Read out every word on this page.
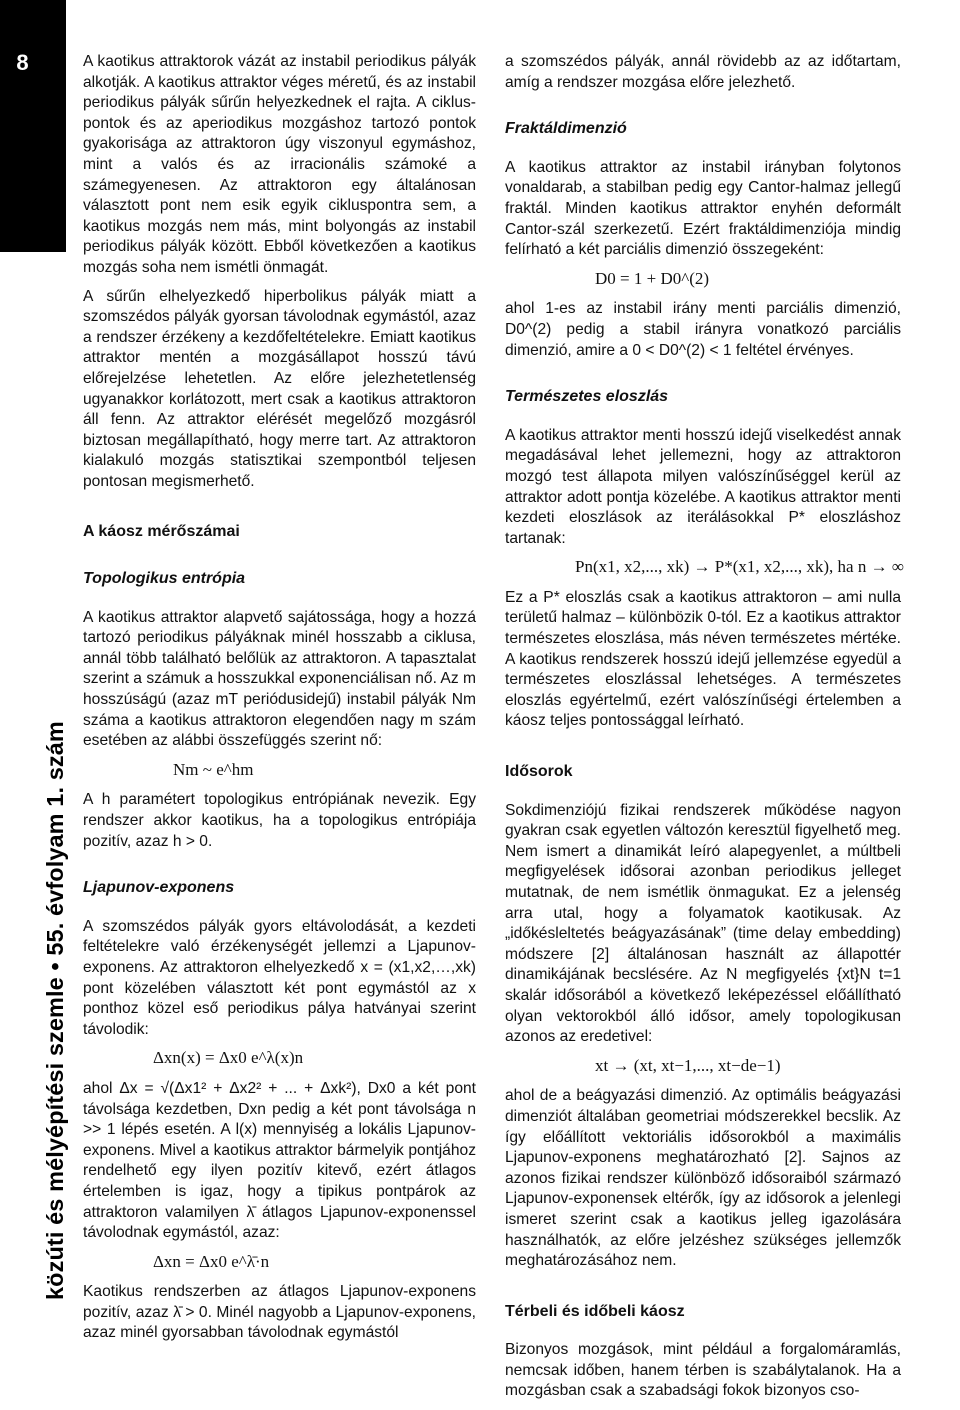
8
közúti és mélyépítési szemle • 55. évfolyam 1. szám

A kaotikus attraktorok vázát az instabil periodikus pályák alkotják. A kaotikus attraktor véges méretű, és az instabil periodikus pályák sűrűn helyezkednek el rajta. A cikluspontok és az aperiodikus mozgáshoz tartozó pontok gyakorisága az attraktoron úgy viszonyul egymáshoz, mint a valós és az irracionális számoké a számegyenesen. Az attraktoron egy általánosan választott pont nem esik egyik cikluspontra sem, a kaotikus mozgás nem más, mint bolyongás az instabil periodikus pályák között. Ebből következően a kaotikus mozgás soha nem ismétli önmagát.

A sűrűn elhelyezkedő hiperbolikus pályák miatt a szomszédos pályák gyorsan távolodnak egymástól, azaz a rendszer érzékeny a kezdőfeltételekre. Emiatt kaotikus attraktor mentén a mozgásállapot hosszú távú előrejelzése lehetetlen. Az előre jelezhetetlenség ugyanakkor korlátozott, mert csak a kaotikus attraktoron áll fenn. Az attraktor elérését megelőző mozgásról biztosan megállapítható, hogy merre tart. Az attraktoron kialakuló mozgás statisztikai szempontból teljesen pontosan megismerhető.

A káosz mérőszámai
Topologikus entrópia

A kaotikus attraktor alapvető sajátossága, hogy a hozzá tartozó periodikus pályáknak minél hosszabb a ciklusa, annál több található belőlük az attraktoron. A tapasztalat szerint a számuk a hosszukkal exponenciálisan nő. Az m hosszúságú (azaz mT periódusidejű) instabil pályák Nm száma a kaotikus attraktoron elegendően nagy m szám esetében az alábbi összefüggés szerint nő:

Nm ~ e^hm

A h paramétert topologikus entrópiának nevezik. Egy rendszer akkor kaotikus, ha a topologikus entrópiája pozitív, azaz h > 0.

Ljapunov-exponens

A szomszédos pályák gyors eltávolodását, a kezdeti feltételekre való érzékenységét jellemzi a Ljapunov-exponens. Az attraktoron elhelyezkedő x = (x1,x2,…,xk) pont közelében választott két pont egymástól az x ponthoz közel eső periodikus pálya hatványai szerint távolodik:

Δxn(x) = Δx0 e^λ(x)n

ahol Δx = √(Δx1² + Δx2² + ... + Δxk²), Dx0 a két pont távolsága kezdetben, Dxn pedig a két pont távolsága n >> 1 lépés esetén. A l(x) mennyiség a lokális Ljapunov-exponens. Mivel a kaotikus attraktor bármelyik pontjához rendelhető egy ilyen pozitív kitevő, ezért átlagos értelemben is igaz, hogy a tipikus pontpárok az attraktoron valamilyen λ̄ átlagos Ljapunov-exponenssel távolodnak egymástól, azaz:

Δxn = Δx0 e^λ̄·n

Kaotikus rendszerben az átlagos Ljapunov-exponens pozitív, azaz λ̄ > 0. Minél nagyobb a Ljapunov-exponens, azaz minél gyorsabban távolodnak egymástól

a szomszédos pályák, annál rövidebb az az időtartam, amíg a rendszer mozgása előre jelezhető.

Fraktáldimenzió

A kaotikus attraktor az instabil irányban folytonos vonaldarab, a stabilban pedig egy Cantor-halmaz jellegű fraktál. Minden kaotikus attraktor enyhén deformált Cantor-szál szerkezetű. Ezért fraktáldimenziója mindig felírható a két parciális dimenzió összegeként:

D0 = 1 + D0^(2)

ahol 1-es az instabil irány menti parciális dimenzió, D0^(2) pedig a stabil irányra vonatkozó parciális dimenzió, amire a 0 < D0^(2) < 1 feltétel érvényes.

Természetes eloszlás

A kaotikus attraktor menti hosszú idejű viselkedést annak megadásával lehet jellemezni, hogy az attraktoron mozgó test állapota milyen valószínűséggel kerül az attraktor adott pontja közelébe. A kaotikus attraktor menti kezdeti eloszlások az iterálásokkal P* eloszláshoz tartanak:

Pn(x1, x2,..., xk) → P*(x1, x2,..., xk), ha n → ∞

Ez a P* eloszlás csak a kaotikus attraktoron – ami nulla területű halmaz – különbözik 0-tól. Ez a kaotikus attraktor természetes eloszlása, más néven természetes mértéke. A kaotikus rendszerek hosszú idejű jellemzése egyedül a természetes eloszlással lehetséges. A természetes eloszlás egyértelmű, ezért valószínűségi értelemben a káosz teljes pontossággal leírható.

Idősorok

Sokdimenziójú fizikai rendszerek működése nagyon gyakran csak egyetlen változón keresztül figyelhető meg. Nem ismert a dinamikát leíró alapegyenlet, a múltbeli megfigyelések idősorai azonban periodikus jelleget mutatnak, de nem ismétlik önmagukat. Ez a jelenség arra utal, hogy a folyamatok kaotikusak. Az „időkésleltetés beágyazásának” (time delay embedding) módszere [2] általánosan használt az állapottér dinamikájának becslésére. Az N megfigyelés {xt}N t=1 skalár idősorából a következő leképezéssel előállítható olyan vektorokból álló idősor, amely topologikusan azonos az eredetivel:

xt → (xt, xt−1,..., xt−de−1)

ahol de a beágyazási dimenzió. Az optimális beágyazási dimenziót általában geometriai módszerekkel becslik. Az így előállított vektoriális idősorokból a maximális Ljapunov-exponens meghatározható [2]. Sajnos az azonos fizikai rendszer különböző idősoraiból származó Ljapunov-exponensek eltérők, így az idősorok a jelenlegi ismeret szerint csak a kaotikus jelleg igazolására használhatók, az előre jelzéshez szükséges jellemzők meghatározásához nem.

Térbeli és időbeli káosz

Bizonyos mozgások, mint például a forgalomáramlás, nemcsak időben, hanem térben is szabálytalanok. Ha a mozgásban csak a szabadsági fokok bizonyos cso-
